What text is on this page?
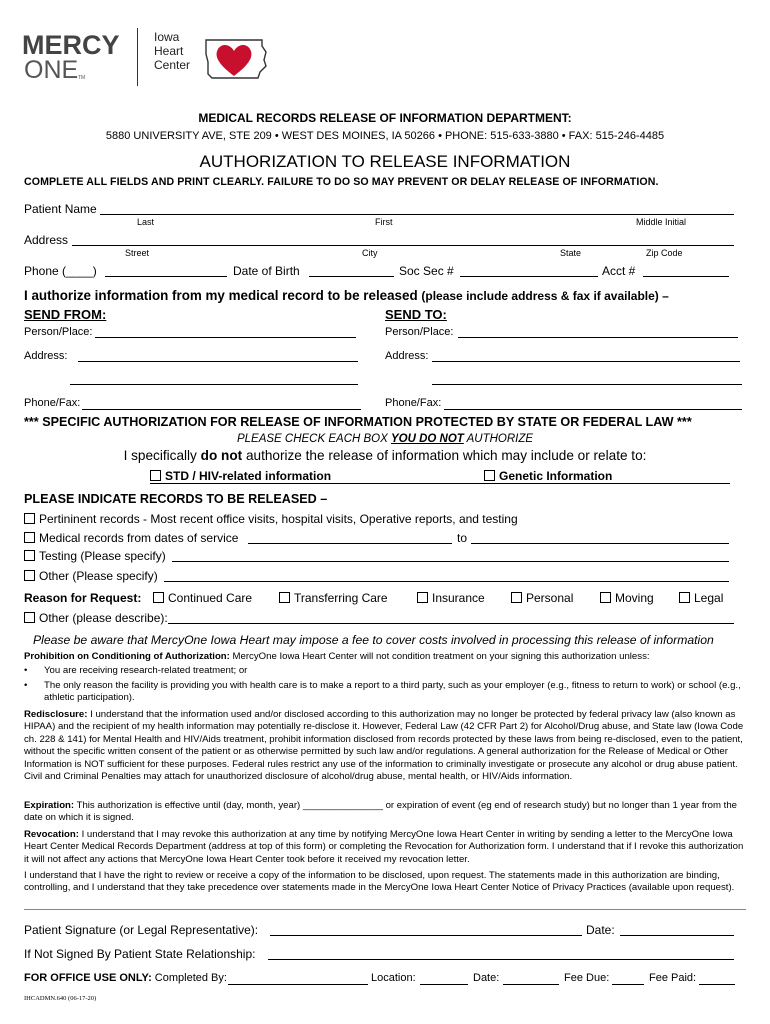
MERCY
ONE TM
Iowa
Heart
Center
MEDICAL RECORDS RELEASE OF INFORMATION DEPARTMENT:
5880 UNIVERSITY AVE, STE 209 • WEST DES MOINES, IA 50266 • PHONE: 515-633-3880 • FAX: 515-246-4485
AUTHORIZATION TO RELEASE INFORMATION
COMPLETE ALL FIELDS AND PRINT CLEARLY. FAILURE TO DO SO MAY PREVENT OR DELAY RELEASE OF INFORMATION.
Patient Name
Last	First	Middle Initial
Address
Street	City	State	Zip Code
Phone (____)	Date of Birth	Soc Sec #	Acct #
I authorize information from my medical record to be released (please include address & fax if available) –
SEND FROM:	SEND TO:
Person/Place:	Person/Place:
Address:	Address:
Phone/Fax:	Phone/Fax:
*** SPECIFIC AUTHORIZATION FOR RELEASE OF INFORMATION PROTECTED BY STATE OR FEDERAL LAW ***
PLEASE CHECK EACH BOX YOU DO NOT AUTHORIZE
I specifically do not authorize the release of information which may include or relate to:
STD / HIV-related information	Genetic Information
PLEASE INDICATE RECORDS TO BE RELEASED –
Pertininent records - Most recent office visits, hospital visits, Operative reports, and testing
Medical records from dates of service	to
Testing (Please specify)
Other (Please specify)
Reason for Request:	Continued Care	Transferring Care	Insurance	Personal	Moving	Legal
Other (please describe):
Please be aware that MercyOne Iowa Heart may impose a fee to cover costs involved in processing this release of information
Prohibition on Conditioning of Authorization: MercyOne Iowa Heart Center will not condition treatment on your signing this authorization unless:
• You are receiving research-related treatment; or
• The only reason the facility is providing you with health care is to make a report to a third party, such as your employer (e.g., fitness to return to work) or school (e.g., athletic participation).
Redisclosure: I understand that the information used and/or disclosed according to this authorization may no longer be protected by federal privacy law (also known as HIPAA) and the recipient of my health information may potentially re-disclose it. However, Federal Law (42 CFR Part 2) for Alcohol/Drug abuse, and State law (Iowa Code ch. 228 & 141) for Mental Health and HIV/Aids treatment, prohibit information disclosed from records protected by these laws from being re-disclosed, even to the patient, without the specific written consent of the patient or as otherwise permitted by such law and/or regulations. A general authorization for the Release of Medical or Other Information is NOT sufficient for these purposes. Federal rules restrict any use of the information to criminally investigate or prosecute any alcohol or drug abuse patient. Civil and Criminal Penalties may attach for unauthorized disclosure of alcohol/drug abuse, mental health, or HIV/Aids information.
Expiration: This authorization is effective until (day, month, year) _______________ or expiration of event (eg end of research study) but no longer than 1 year from the date on which it is signed.
Revocation: I understand that I may revoke this authorization at any time by notifying MercyOne Iowa Heart Center in writing by sending a letter to the MercyOne Iowa Heart Center Medical Records Department (address at top of this form) or completing the Revocation for Authorization form. I understand that if I revoke this authorization it will not affect any actions that MercyOne Iowa Heart Center took before it received my revocation letter.
I understand that I have the right to review or receive a copy of the information to be disclosed, upon request. The statements made in this authorization are binding, controlling, and I understand that they take precedence over statements made in the MercyOne Iowa Heart Center Notice of Privacy Practices (available upon request).
Patient Signature (or Legal Representative):	Date:
If Not Signed By Patient State Relationship:
FOR OFFICE USE ONLY: Completed By:	Location:	Date:	Fee Due:	Fee Paid:
IHCADMN.640 (06-17-20)
